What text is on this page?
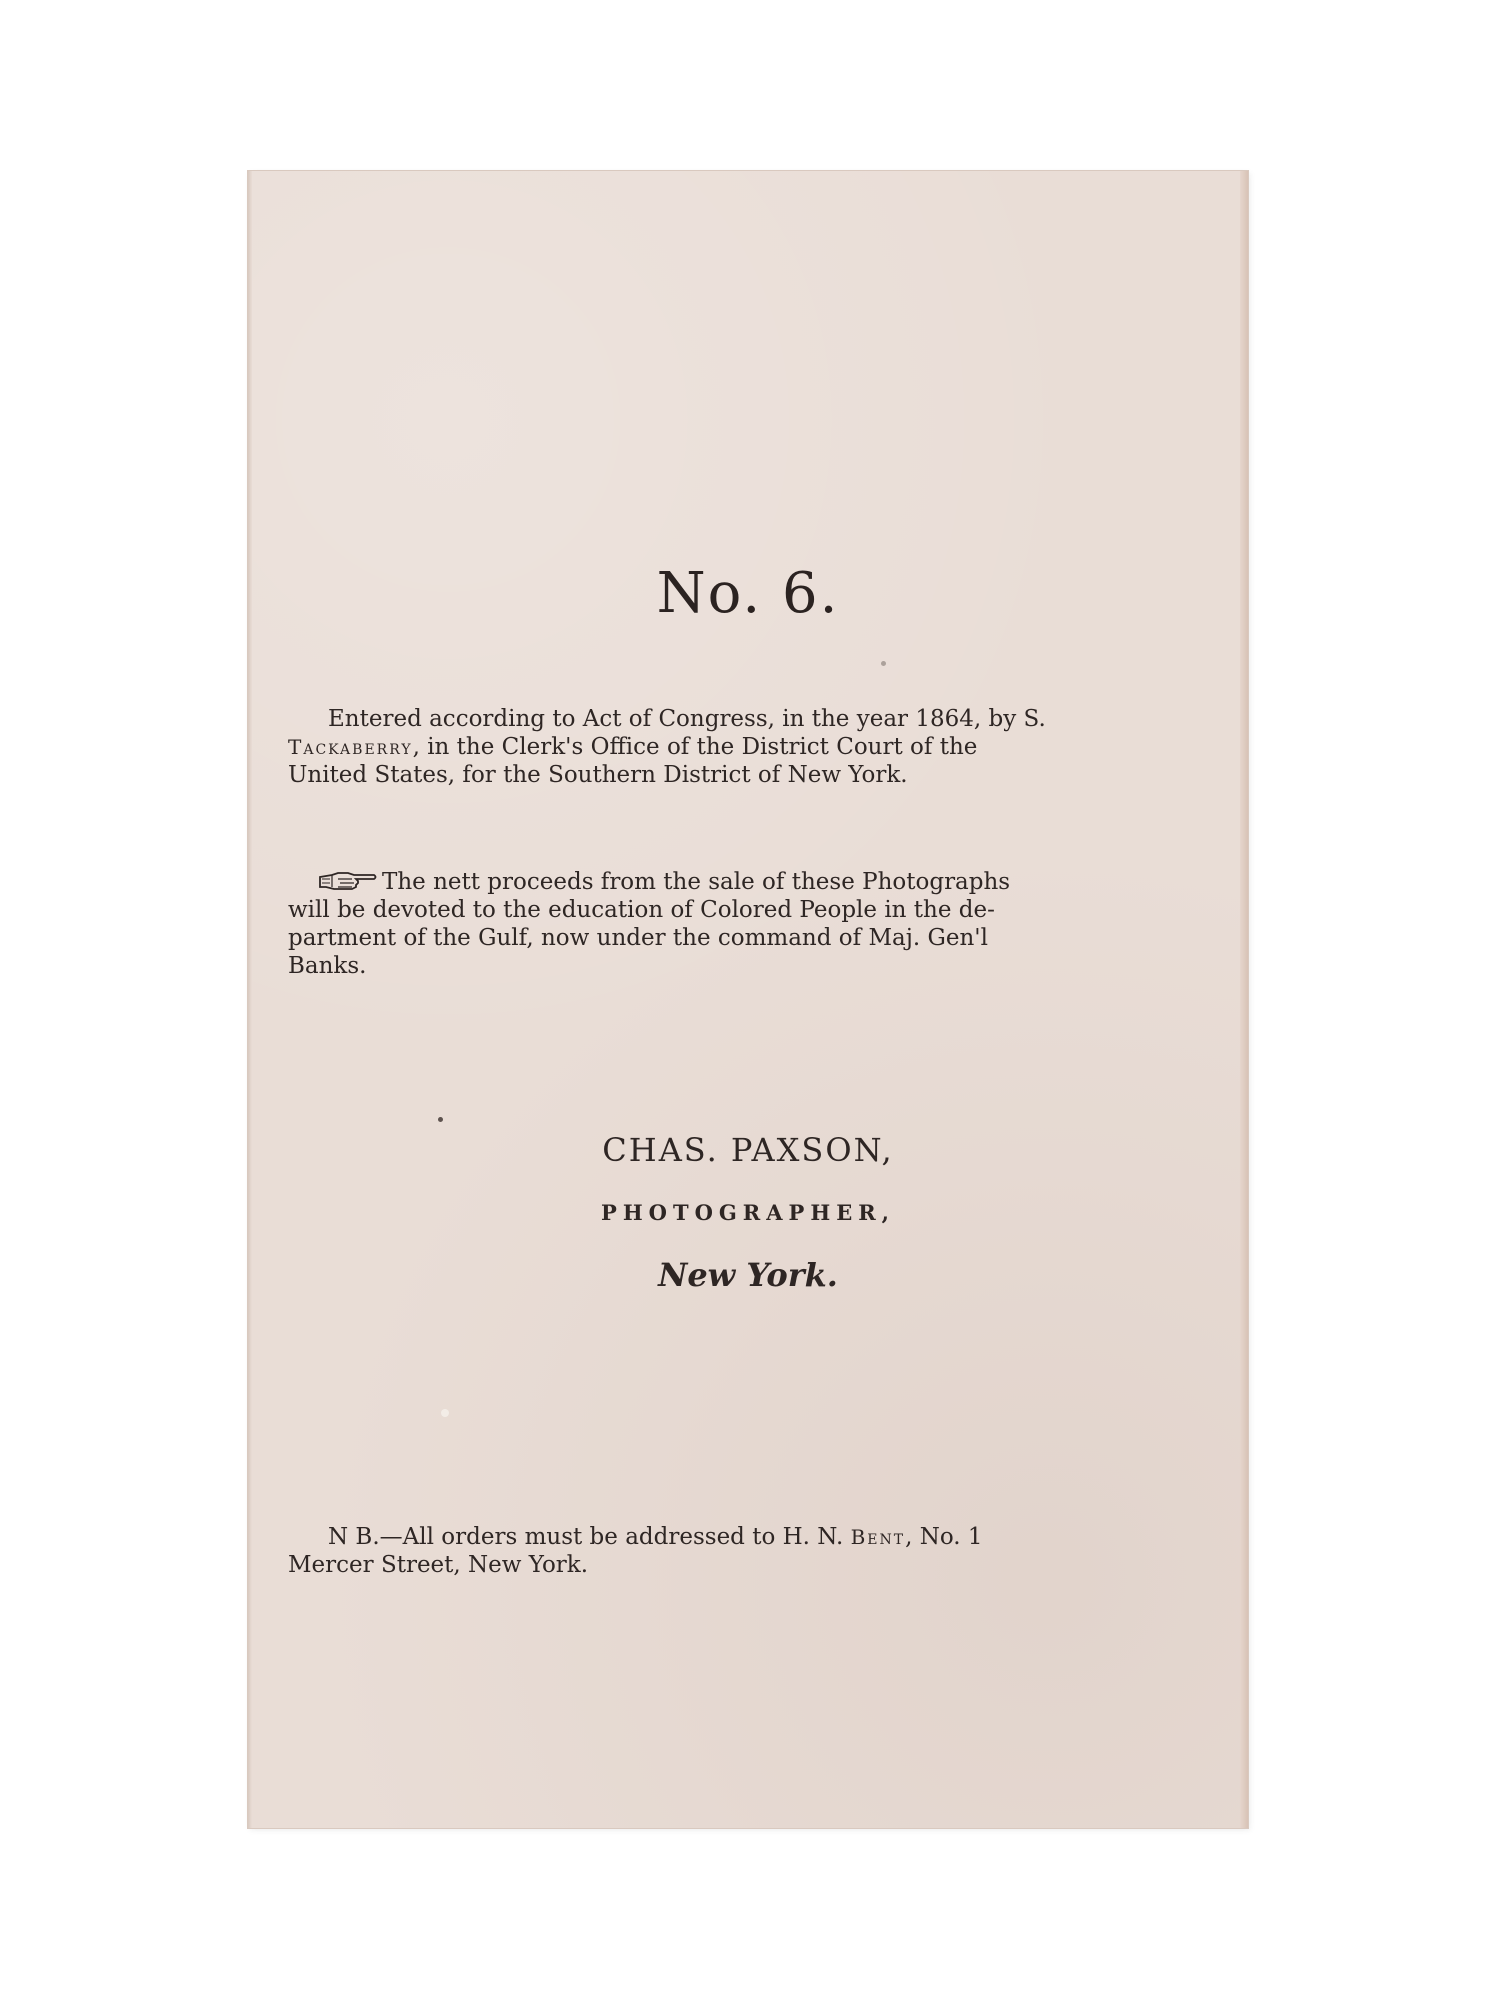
No. 6.
Entered according to Act of Congress, in the year 1864, by S.
Tackaberry, in the Clerk's Office of the District Court of the
United States, for the Southern District of New York.
The nett proceeds from the sale of these Photographs
will be devoted to the education of Colored People in the de-
partment of the Gulf, now under the command of Maj. Gen'l
Banks.
CHAS. PAXSON,
PHOTOGRAPHER,
New York.
N B.—All orders must be addressed to H. N. Bent, No. 1
Mercer Street, New York.
